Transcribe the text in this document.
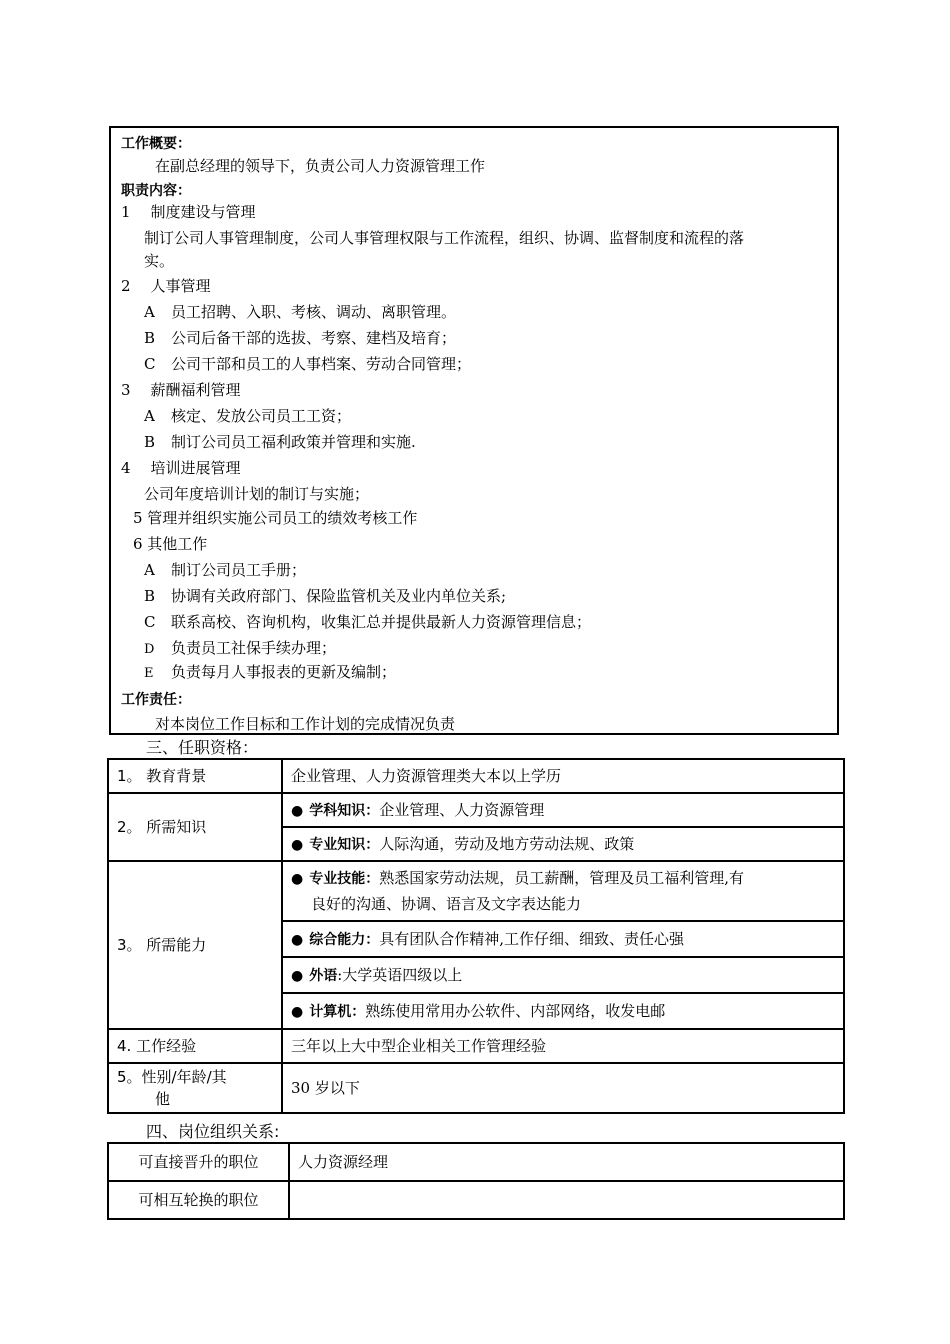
工作概要：
在副总经理的领导下，负责公司人力资源管理工作
职责内容：
1 制度建设与管理
制订公司人事管理制度，公司人事管理权限与工作流程，组织、协调、监督制度和流程的落
实。
2 人事管理
A 员工招聘、入职、考核、调动、离职管理。
B 公司后备干部的选拔、考察、建档及培育；
C 公司干部和员工的人事档案、劳动合同管理；
3 薪酬福利管理
A 核定、发放公司员工工资；
B 制订公司员工福利政策并管理和实施.
4 培训进展管理
公司年度培训计划的制订与实施；
5 管理并组织实施公司员工的绩效考核工作
6 其他工作
A 制订公司员工手册；
B 协调有关政府部门、保险监管机关及业内单位关系;
C 联系高校、咨询机构，收集汇总并提供最新人力资源管理信息；
D 负责员工社保手续办理；
E 负责每月人事报表的更新及编制；
工作责任：
对本岗位工作目标和工作计划的完成情况负责
三、任职资格：
1。 教育背景	企业管理、人力资源管理类大本以上学历
2。 所需知识	● 学科知识：企业管理、人力资源管理
	● 专业知识：人际沟通，劳动及地方劳动法规、政策
3。 所需能力	● 专业技能：熟悉国家劳动法规，员工薪酬，管理及员工福利管理,有
良好的沟通、协调、语言及文字表达能力
	● 综合能力：具有团队合作精神,工作仔细、细致、责任心强
	● 外语:大学英语四级以上
	● 计算机：熟练使用常用办公软件、内部网络，收发电邮
4. 工作经验	三年以上大中型企业相关工作管理经验
5。性别/年龄/其
他	30 岁以下
四、岗位组织关系:
可直接晋升的职位	人力资源经理
可相互轮换的职位	
